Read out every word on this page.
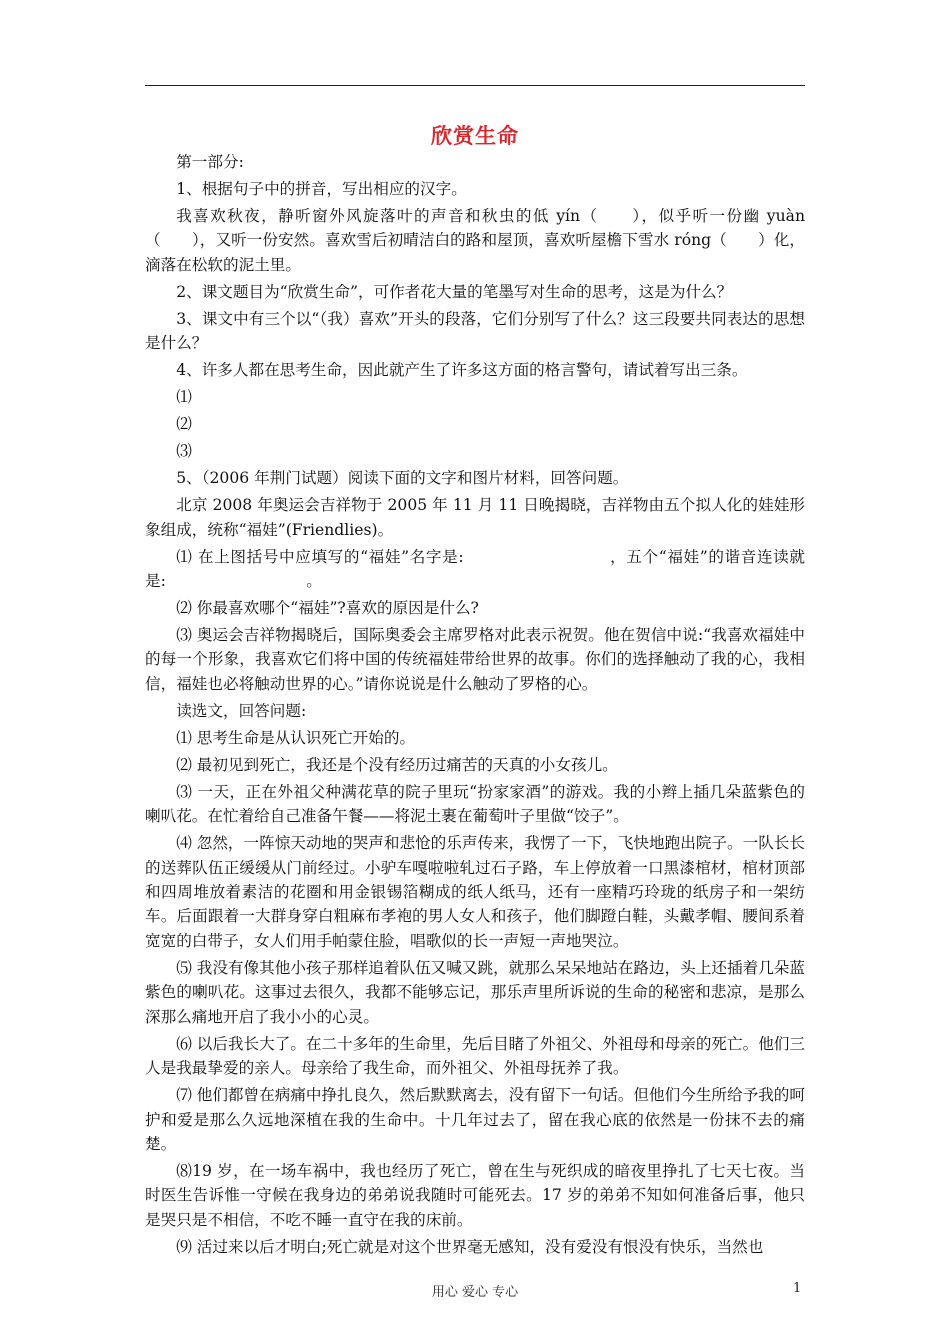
欣赏生命

第一部分:

1、根据句子中的拼音，写出相应的汉字。

我喜欢秋夜，静听窗外风旋落叶的声音和秋虫的低 yín（　　），似乎听一份幽 yuàn（　　），又听一份安然。喜欢雪后初晴洁白的路和屋顶，喜欢听屋檐下雪水 róng（　　）化，滴落在松软的泥土里。

2、课文题目为“欣赏生命”，可作者花大量的笔墨写对生命的思考，这是为什么？

3、课文中有三个以“（我）喜欢”开头的段落，它们分别写了什么？这三段要共同表达的思想是什么？

4、许多人都在思考生命，因此就产生了许多这方面的格言警句，请试着写出三条。

⑴

⑵

⑶

5、（2006 年荆门试题）阅读下面的文字和图片材料，回答问题。

北京 2008 年奥运会吉祥物于 2005 年 11 月 11 日晚揭晓，吉祥物由五个拟人化的娃娃形象组成，统称“福娃”(Friendlies)。

⑴ 在上图括号中应填写的“福娃”名字是:　　　　　　　　　，五个“福娃”的谐音连读就是:　　　　　　　　　。

⑵ 你最喜欢哪个“福娃”?喜欢的原因是什么?

⑶ 奥运会吉祥物揭晓后，国际奥委会主席罗格对此表示祝贺。他在贺信中说:“我喜欢福娃中的每一个形象，我喜欢它们将中国的传统福娃带给世界的故事。你们的选择触动了我的心，我相信，福娃也必将触动世界的心。”请你说说是什么触动了罗格的心。

读选文，回答问题:

⑴ 思考生命是从认识死亡开始的。

⑵ 最初见到死亡，我还是个没有经历过痛苦的天真的小女孩儿。

⑶ 一天，正在外祖父种满花草的院子里玩“扮家家酒”的游戏。我的小辫上插几朵蓝紫色的喇叭花。在忙着给自己准备午餐——将泥土裹在葡萄叶子里做“饺子”。

⑷ 忽然，一阵惊天动地的哭声和悲怆的乐声传来，我愣了一下，飞快地跑出院子。一队长长的送葬队伍正缓缓从门前经过。小驴车嘎啦啦轧过石子路，车上停放着一口黑漆棺材，棺材顶部和四周堆放着素洁的花圈和用金银锡箔糊成的纸人纸马，还有一座精巧玲珑的纸房子和一架纺车。后面跟着一大群身穿白粗麻布孝袍的男人女人和孩子，他们脚蹬白鞋，头戴孝帽、腰间系着宽宽的白带子，女人们用手帕蒙住脸，唱歌似的长一声短一声地哭泣。

⑸ 我没有像其他小孩子那样追着队伍又喊又跳，就那么呆呆地站在路边，头上还插着几朵蓝紫色的喇叭花。这事过去很久，我都不能够忘记，那乐声里所诉说的生命的秘密和悲凉，是那么深那么痛地开启了我小小的心灵。

⑹ 以后我长大了。在二十多年的生命里，先后目睹了外祖父、外祖母和母亲的死亡。他们三人是我最挚爱的亲人。母亲给了我生命，而外祖父、外祖母抚养了我。

⑺ 他们都曾在病痛中挣扎良久，然后默默离去，没有留下一句话。但他们今生所给予我的呵护和爱是那么久远地深植在我的生命中。十几年过去了，留在我心底的依然是一份抹不去的痛楚。

⑻19 岁，在一场车祸中，我也经历了死亡，曾在生与死织成的暗夜里挣扎了七天七夜。当时医生告诉惟一守候在我身边的弟弟说我随时可能死去。17 岁的弟弟不知如何准备后事，他只是哭只是不相信，不吃不睡一直守在我的床前。

⑼ 活过来以后才明白;死亡就是对这个世界毫无感知，没有爱没有恨没有快乐，当然也

用心 爱心 专心	1
